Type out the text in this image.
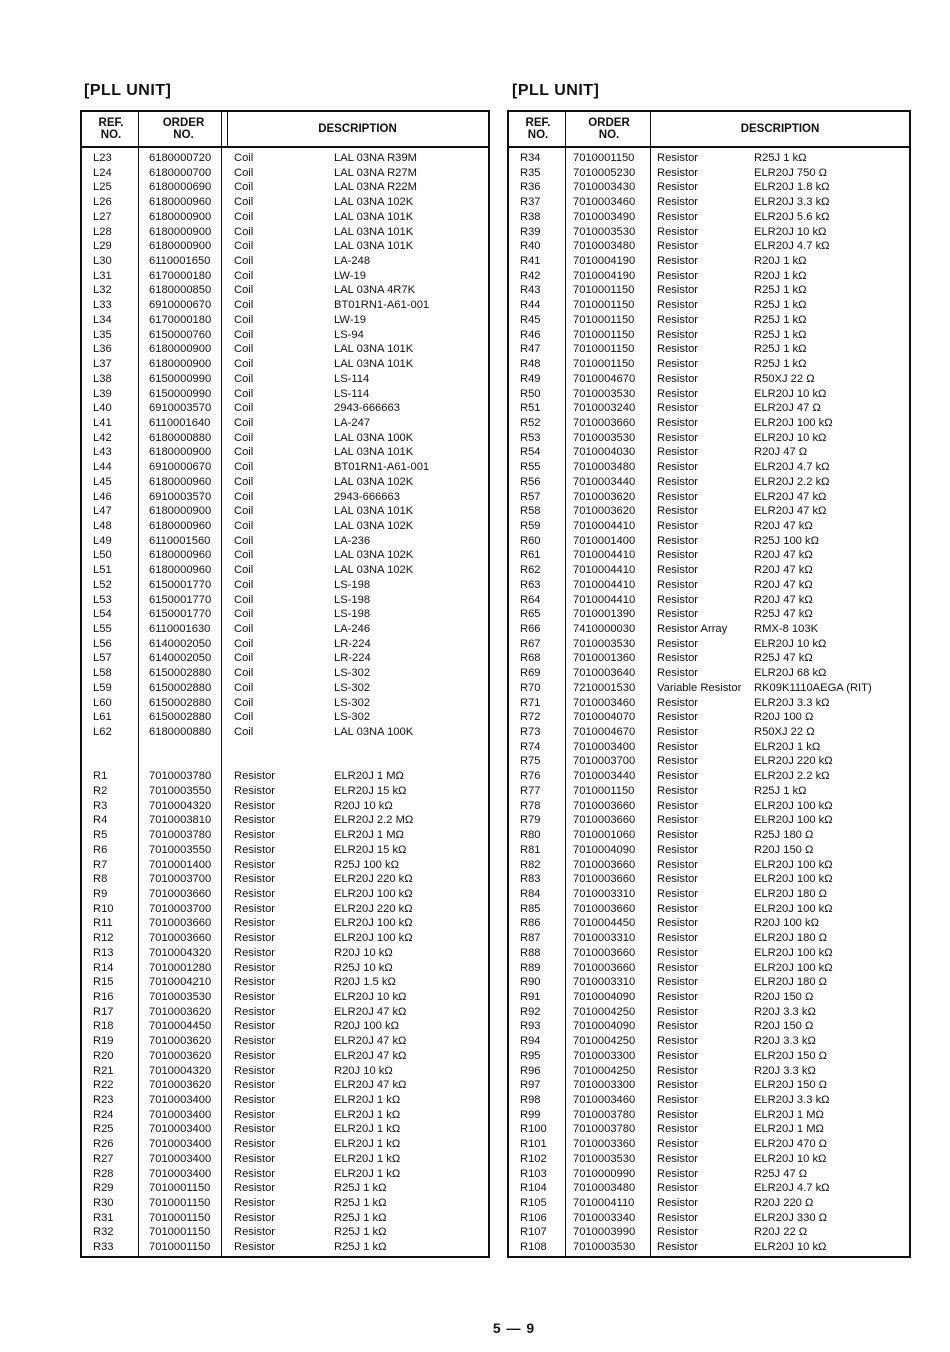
[PLL UNIT]	[PLL UNIT]
REF.
NO.
ORDER
NO.	DESCRIPTION
L23	6180000720 Coil	LAL 03NA R39M
L24	6180000700 Coil	LAL 03NA R27M
L25	6180000690 Coil	LAL 03NA R22M
L26	6180000960 Coil	LAL 03NA 102K
L27	6180000900 Coil	LAL 03NA 101K
L28	6180000900 Coil	LAL 03NA 101K
L29	6180000900 Coil	LAL 03NA 101K
L30	6110001650 Coil	LA-248
L31	6170000180 Coil	LW-19
L32	6180000850 Coil	LAL 03NA 4R7K
L33	6910000670 Coil	BT01RN1-A61-001
L34	6170000180 Coil	LW-19
L35	6150000760 Coil	LS-94
L36	6180000900 Coil	LAL 03NA 101K
L37	6180000900 Coil	LAL 03NA 101K
L38	6150000990 Coil	LS-114
L39	6150000990 Coil	LS-114
L40	6910003570 Coil	2943-666663
L41	6110001640 Coil	LA-247
L42	6180000880 Coil	LAL 03NA 100K
L43	6180000900 Coil	LAL 03NA 101K
L44	6910000670 Coil	BT01RN1-A61-001
L45	6180000960 Coil	LAL 03NA 102K
L46	6910003570 Coil	2943-666663
L47	6180000900 Coil	LAL 03NA 101K
L48	6180000960 Coil	LAL 03NA 102K
L49	6110001560 Coil	LA-236
L50	6180000960 Coil	LAL 03NA 102K
L51	6180000960 Coil	LAL 03NA 102K
L52	6150001770 Coil	LS-198
L53	6150001770 Coil	LS-198
L54	6150001770 Coil	LS-198
L55	6110001630 Coil	LA-246
L56	6140002050 Coil	LR-224
L57	6140002050 Coil	LR-224
L58	6150002880 Coil	LS-302
L59	6150002880 Coil	LS-302
L60	6150002880 Coil	LS-302
L61	6150002880 Coil	LS-302
L62	6180000880 Coil	LAL 03NA 100K
R1	7010003780 Resistor	ELR20J 1 MΩ
R2	7010003550 Resistor	ELR20J 15 kΩ
R3	7010004320 Resistor	R20J 10 kΩ
R4	7010003810 Resistor	ELR20J 2.2 MΩ
R5	7010003780 Resistor	ELR20J 1 MΩ
R6	7010003550 Resistor	ELR20J 15 kΩ
R7	7010001400 Resistor	R25J 100 kΩ
R8	7010003700 Resistor	ELR20J 220 kΩ
R9	7010003660 Resistor	ELR20J 100 kΩ
R10	7010003700 Resistor	ELR20J 220 kΩ
R11	7010003660 Resistor	ELR20J 100 kΩ
R12	7010003660 Resistor	ELR20J 100 kΩ
R13	7010004320 Resistor	R20J 10 kΩ
R14	7010001280 Resistor	R25J 10 kΩ
R15	7010004210 Resistor	R20J 1.5 kΩ
R16	7010003530 Resistor	ELR20J 10 kΩ
R17	7010003620 Resistor	ELR20J 47 kΩ
R18	7010004450 Resistor	R20J 100 kΩ
R19	7010003620 Resistor	ELR20J 47 kΩ
R20	7010003620 Resistor	ELR20J 47 kΩ
R21	7010004320 Resistor	R20J 10 kΩ
R22	7010003620 Resistor	ELR20J 47 kΩ
R23	7010003400 Resistor	ELR20J 1 kΩ
R24	7010003400 Resistor	ELR20J 1 kΩ
R25	7010003400 Resistor	ELR20J 1 kΩ
R26	7010003400 Resistor	ELR20J 1 kΩ
R27	7010003400 Resistor	ELR20J 1 kΩ
R28	7010003400 Resistor	ELR20J 1 kΩ
R29	7010001150 Resistor	R25J 1 kΩ
R30	7010001150 Resistor	R25J 1 kΩ
R31	7010001150 Resistor	R25J 1 kΩ
R32	7010001150 Resistor	R25J 1 kΩ
R33	7010001150 Resistor	R25J 1 kΩ
REF.
NO.
ORDER
NO.	DESCRIPTION
R34	7010001150 Resistor	R25J 1 kΩ
R35	7010005230 Resistor	ELR20J 750 Ω
R36	7010003430 Resistor	ELR20J 1.8 kΩ
R37	7010003460 Resistor	ELR20J 3.3 kΩ
R38	7010003490 Resistor	ELR20J 5.6 kΩ
R39	7010003530 Resistor	ELR20J 10 kΩ
R40	7010003480 Resistor	ELR20J 4.7 kΩ
R41	7010004190 Resistor	R20J 1 kΩ
R42	7010004190 Resistor	R20J 1 kΩ
R43	7010001150 Resistor	R25J 1 kΩ
R44	7010001150 Resistor	R25J 1 kΩ
R45	7010001150 Resistor	R25J 1 kΩ
R46	7010001150 Resistor	R25J 1 kΩ
R47	7010001150 Resistor	R25J 1 kΩ
R48	7010001150 Resistor	R25J 1 kΩ
R49	7010004670 Resistor	R50XJ 22 Ω
R50	7010003530 Resistor	ELR20J 10 kΩ
R51	7010003240 Resistor	ELR20J 47 Ω
R52	7010003660 Resistor	ELR20J 100 kΩ
R53	7010003530 Resistor	ELR20J 10 kΩ
R54	7010004030 Resistor	R20J 47 Ω
R55	7010003480 Resistor	ELR20J 4.7 kΩ
R56	7010003440 Resistor	ELR20J 2.2 kΩ
R57	7010003620 Resistor	ELR20J 47 kΩ
R58	7010003620 Resistor	ELR20J 47 kΩ
R59	7010004410 Resistor	R20J 47 kΩ
R60	7010001400 Resistor	R25J 100 kΩ
R61	7010004410 Resistor	R20J 47 kΩ
R62	7010004410 Resistor	R20J 47 kΩ
R63	7010004410 Resistor	R20J 47 kΩ
R64	7010004410 Resistor	R20J 47 kΩ
R65	7010001390 Resistor	R25J 47 kΩ
R66	7410000030 Resistor Array RMX-8 103K
R67	7010003530 Resistor	ELR20J 10 kΩ
R68	7010001360 Resistor	R25J 47 kΩ
R69	7010003640 Resistor	ELR20J 68 kΩ
R70	7210001530 Variable Resistor RK09K1110AEGA (RIT)
R71	7010003460 Resistor	ELR20J 3.3 kΩ
R72	7010004070 Resistor	R20J 100 Ω
R73	7010004670 Resistor	R50XJ 22 Ω
R74	7010003400 Resistor	ELR20J 1 kΩ
R75	7010003700 Resistor	ELR20J 220 kΩ
R76	7010003440 Resistor	ELR20J 2.2 kΩ
R77	7010001150 Resistor	R25J 1 kΩ
R78	7010003660 Resistor	ELR20J 100 kΩ
R79	7010003660 Resistor	ELR20J 100 kΩ
R80	7010001060 Resistor	R25J 180 Ω
R81	7010004090 Resistor	R20J 150 Ω
R82	7010003660 Resistor	ELR20J 100 kΩ
R83	7010003660 Resistor	ELR20J 100 kΩ
R84	7010003310 Resistor	ELR20J 180 Ω
R85	7010003660 Resistor	ELR20J 100 kΩ
R86	7010004450 Resistor	R20J 100 kΩ
R87	7010003310 Resistor	ELR20J 180 Ω
R88	7010003660 Resistor	ELR20J 100 kΩ
R89	7010003660 Resistor	ELR20J 100 kΩ
R90	7010003310 Resistor	ELR20J 180 Ω
R91	7010004090 Resistor	R20J 150 Ω
R92	7010004250 Resistor	R20J 3.3 kΩ
R93	7010004090 Resistor	R20J 150 Ω
R94	7010004250 Resistor	R20J 3.3 kΩ
R95	7010003300 Resistor	ELR20J 150 Ω
R96	7010004250 Resistor	R20J 3.3 kΩ
R97	7010003300 Resistor	ELR20J 150 Ω
R98	7010003460 Resistor	ELR20J 3.3 kΩ
R99	7010003780 Resistor	ELR20J 1 MΩ
R100 7010003780 Resistor	ELR20J 1 MΩ
R101 7010003360 Resistor	ELR20J 470 Ω
R102 7010003530 Resistor	ELR20J 10 kΩ
R103 7010000990 Resistor	R25J 47 Ω
R104 7010003480 Resistor	ELR20J 4.7 kΩ
R105 7010004110 Resistor	R20J 220 Ω
R106 7010003340 Resistor	ELR20J 330 Ω
R107 7010003990 Resistor	R20J 22 Ω
R108 7010003530 Resistor	ELR20J 10 kΩ
5 — 9
